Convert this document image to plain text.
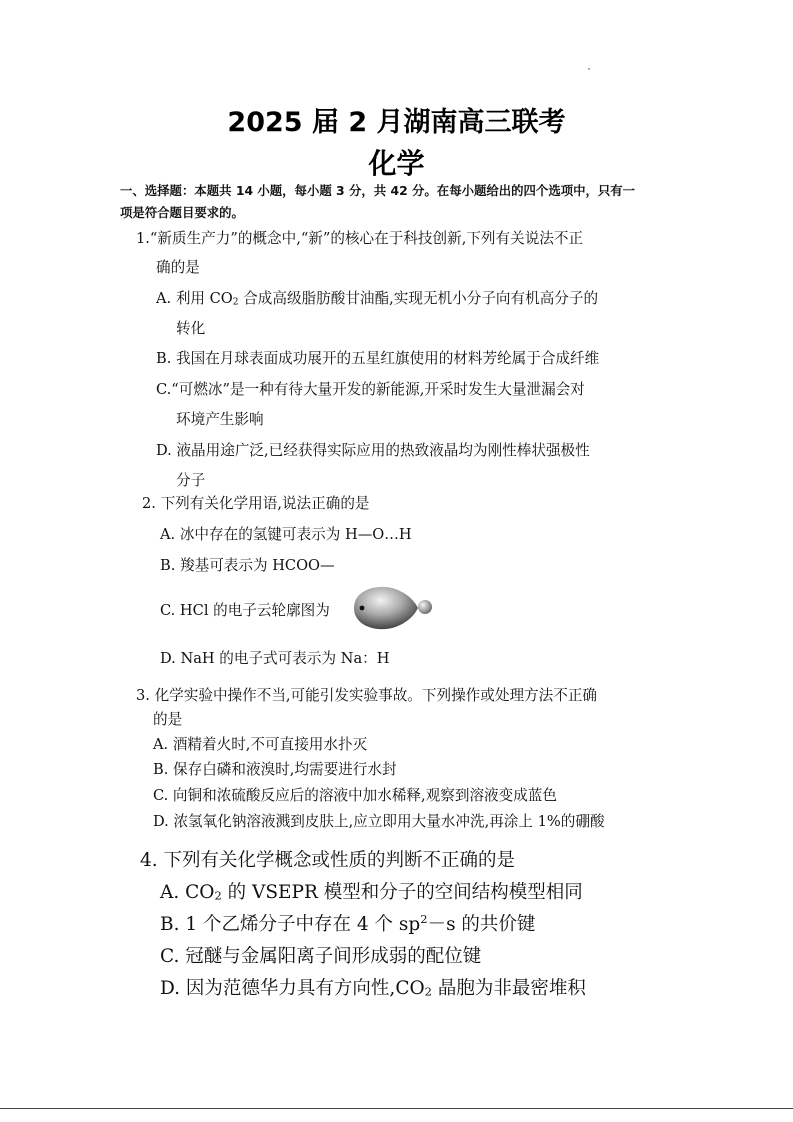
2025 届 2 月湖南高三联考
化学
一、选择题：本题共 14 小题，每小题 3 分，共 42 分。在每小题给出的四个选项中，只有一
项是符合题目要求的。
1.“新质生产力”的概念中,“新”的核心在于科技创新,下列有关说法不正
确的是
A. 利用 $CO_2$ 合成高级脂肪酸甘油酯,实现无机小分子向有机高分子的
转化
B. 我国在月球表面成功展开的五星红旗使用的材料芳纶属于合成纤维
C.“可燃冰”是一种有待大量开发的新能源,开采时发生大量泄漏会对
环境产生影响
D. 液晶用途广泛,已经获得实际应用的热致液晶均为刚性棒状强极性
分子
2. 下列有关化学用语,说法正确的是
A. 冰中存在的氢键可表示为 H—O…H
B. 羧基可表示为 HCOO—
C. HCl 的电子云轮廓图为
D. NaH 的电子式可表示为 Na：H
3. 化学实验中操作不当,可能引发实验事故。下列操作或处理方法不正确
的是
A. 酒精着火时,不可直接用水扑灭
B. 保存白磷和液溴时,均需要进行水封
C. 向铜和浓硫酸反应后的溶液中加水稀释,观察到溶液变成蓝色
D. 浓氢氧化钠溶液溅到皮肤上,应立即用大量水冲洗,再涂上 1%的硼酸
4. 下列有关化学概念或性质的判断不正确的是
A. $CO_2$ 的 VSEPR 模型和分子的空间结构模型相同
B. 1 个乙烯分子中存在 4 个 $sp^2-s$ 的共价键
C. 冠醚与金属阳离子间形成弱的配位键
D. 因为范德华力具有方向性$,CO_2$ 晶胞为非最密堆积
